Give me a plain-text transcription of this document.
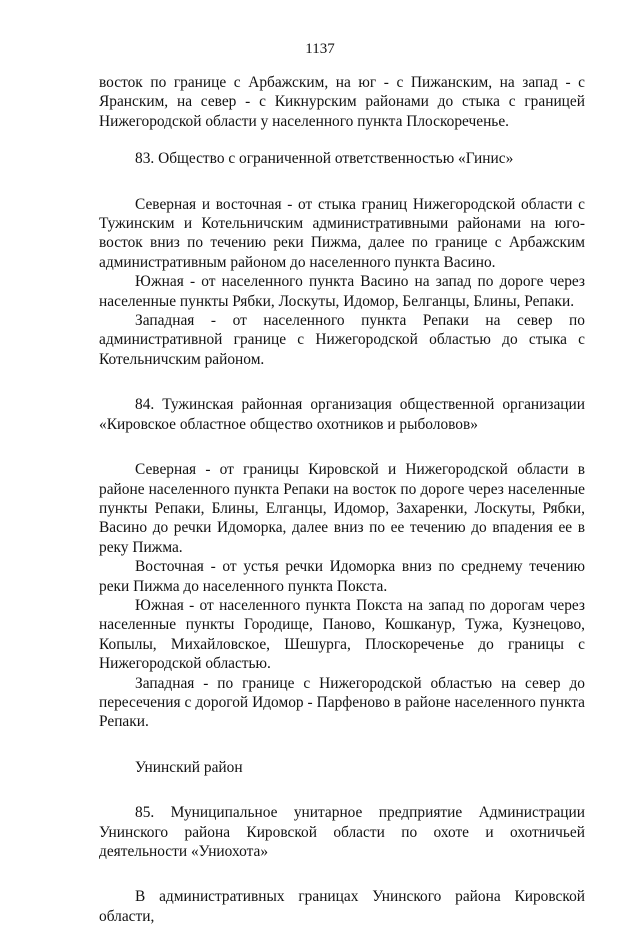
1137

восток по границе с Арбажским, на юг - с Пижанским, на запад - с Яранским, на север - с Кикнурским районами до стыка с границей Нижегородской области у населенного пункта Плоскореченье.

83. Общество с ограниченной ответственностью «Гинис»

Северная и восточная - от стыка границ Нижегородской области с Тужинским и Котельничским административными районами на юго-восток вниз по течению реки Пижма, далее по границе с Арбажским административным районом до населенного пункта Васино.

Южная - от населенного пункта Васино на запад по дороге через населенные пункты Рябки, Лоскуты, Идомор, Белганцы, Блины, Репаки.

Западная - от населенного пункта Репаки на север по административной границе с Нижегородской областью до стыка с Котельничским районом.

84. Тужинская районная организация общественной организации «Кировское областное общество охотников и рыболовов»

Северная - от границы Кировской и Нижегородской области в районе населенного пункта Репаки на восток по дороге через населенные пункты Репаки, Блины, Елганцы, Идомор, Захаренки, Лоскуты, Рябки, Васино до речки Идоморка, далее вниз по ее течению до впадения ее в реку Пижма.

Восточная - от устья речки Идоморка вниз по среднему течению реки Пижма до населенного пункта Покста.

Южная - от населенного пункта Покста на запад по дорогам через населенные пункты Городище, Паново, Кошканур, Тужа, Кузнецово, Копылы, Михайловское, Шешурга, Плоскореченье до границы с Нижегородской областью.

Западная - по границе с Нижегородской областью на север до пересечения с дорогой Идомор - Парфеново в районе населенного пункта Репаки.

Унинский район

85. Муниципальное унитарное предприятие Администрации Унинского района Кировской области по охоте и охотничьей деятельности «Униохота»

В административных границах Унинского района Кировской области,
